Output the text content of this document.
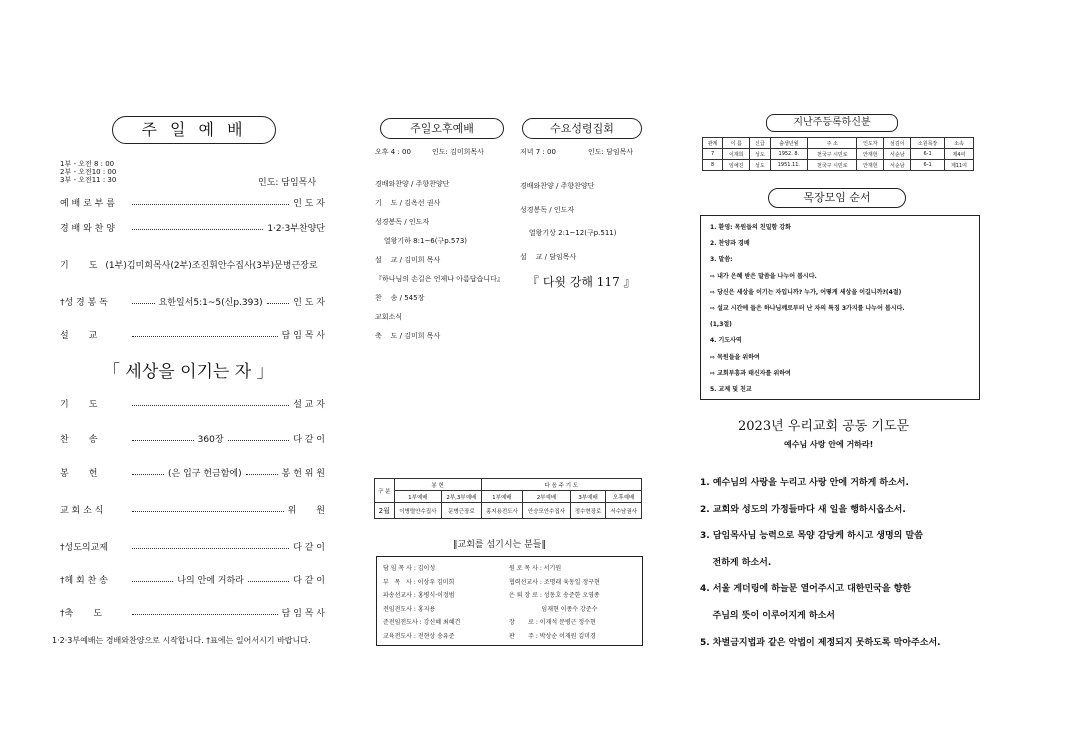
주 일 예 배
1부 - 오전 8 : 00
2부 - 오전10 : 00
3부 - 오전11 : 30	인도: 담임목사
예 배 로 부 름	인 도 자
경 배 와 찬 양	1·2·3부찬양단
기       도 (1부)김미희목사(2부)조진휘안수집사(3부)문병근장로
†성 경 봉 독	요한일서5:1~5(신p.393)	인 도 자
설       교	담 임 목 사
기       도	설 교 자
찬       송	360장	다 같 이
봉       헌	(은 입구 헌금함에)	봉 헌 위 원
교 회 소 식	위       원
†성도의교제	다 같 이
†헤 회 찬 송	나의 안에 거하라	다 같 이
†축       도	담 임 목 사
「 세상을 이기는 자 」
1·2·3부예배는 경배와찬양으로 시작합니다. †표에는 일어서시기 바랍니다.
주일오후예배
오후 4 : 00	인도: 김미희목사
경배와찬양 / 주향찬양단
기    도 / 김옥선 권사
성경봉독 / 인도자
열왕기하 8:1~6(구p.573)
설    교 / 김미희 목사
『하나님의 손길은 언제나 아름답습니다』
찬    송 / 545장
교회소식
축    도 / 김미희 목사
수요성령집회
저녁 7 : 00	인도: 담임목사
경배와찬양 / 주향찬양단
성경봉독 / 인도자
열왕기상 2:1~12(구p.511)
설    교 / 담임목사
『 다윗 강해 117 』
구 분	봉 헌		다 음 주 기 도			
	1부예배	2부,3부예배	1부예배	2부예배	3부예배	오후예배
2월	이병렬안수집사	문병근장로	홍지용전도사	안승모안수집사	정수현장로	서수남권사
‖교회를 섬기시는 분들‖
담 임 목 사 : 김이성
부   목   사 : 이상우 김미희
파송선교사 : 홍병식·이정범
전임전도사 : 홍지용
준전임전도사 : 강신혜 최혜건
교육전도사 : 전현상 송유준
원 로 목 사 : 서기원
협력선교사 : 조명래 육동일 정구현
은 퇴 장 로 : 성동호 송준한 오영종
임재현 이종수 강준수
장       로 : 이재석 문병근 정수현
판       주 : 박상순 이재원 김미경
지난주등록하신분
관계	이 름	신급	출생년월	주 소	인도자	섬김이	소원목장	소속
7	이재희	성도	1952. 8.	천국구 시민로	안재헌	서순남	6-1	제4여
8	임예진	성도	1951.11.	천국구 시민로	안재헌	서순남	6-1	제11여
목장모임 순서
1. 환영: 목원들의 친밀함 강화
2. 찬양과 경배
3. 말씀:
⇨ 내가 은혜 받은 말씀을 나누어 봅시다.
⇨ 당신은 세상을 이기는 자입니까? 누가, 어떻게 세상을 이길니까?(4절)
⇨ 설교 시간에 들은 하나님께로부터 난 자의 특징 3가지를 나누어 봅시다.
(1,3절)
4. 기도사역
⇨ 목원들을 위하여
⇨ 교회부흥과 태신자를 위하여
5. 교제 및 친교
2023년 우리교회 공동 기도문
예수님 사랑 안에 거하라!
1. 예수님의 사랑을 누리고 사랑 안에 거하게 하소서.
2. 교회와 성도의 가정들마다 새 일을 행하시옵소서.
3. 담임목사님 능력으로 목양 감당케 하시고 생명의 말씀
전하게 하소서.
4. 서울 게더링에 하늘문 열어주시고 대한민국을 향한
주님의 뜻이 이루어지게 하소서
5. 차별금지법과 같은 악법이 제정되지 못하도록 막아주소서.
